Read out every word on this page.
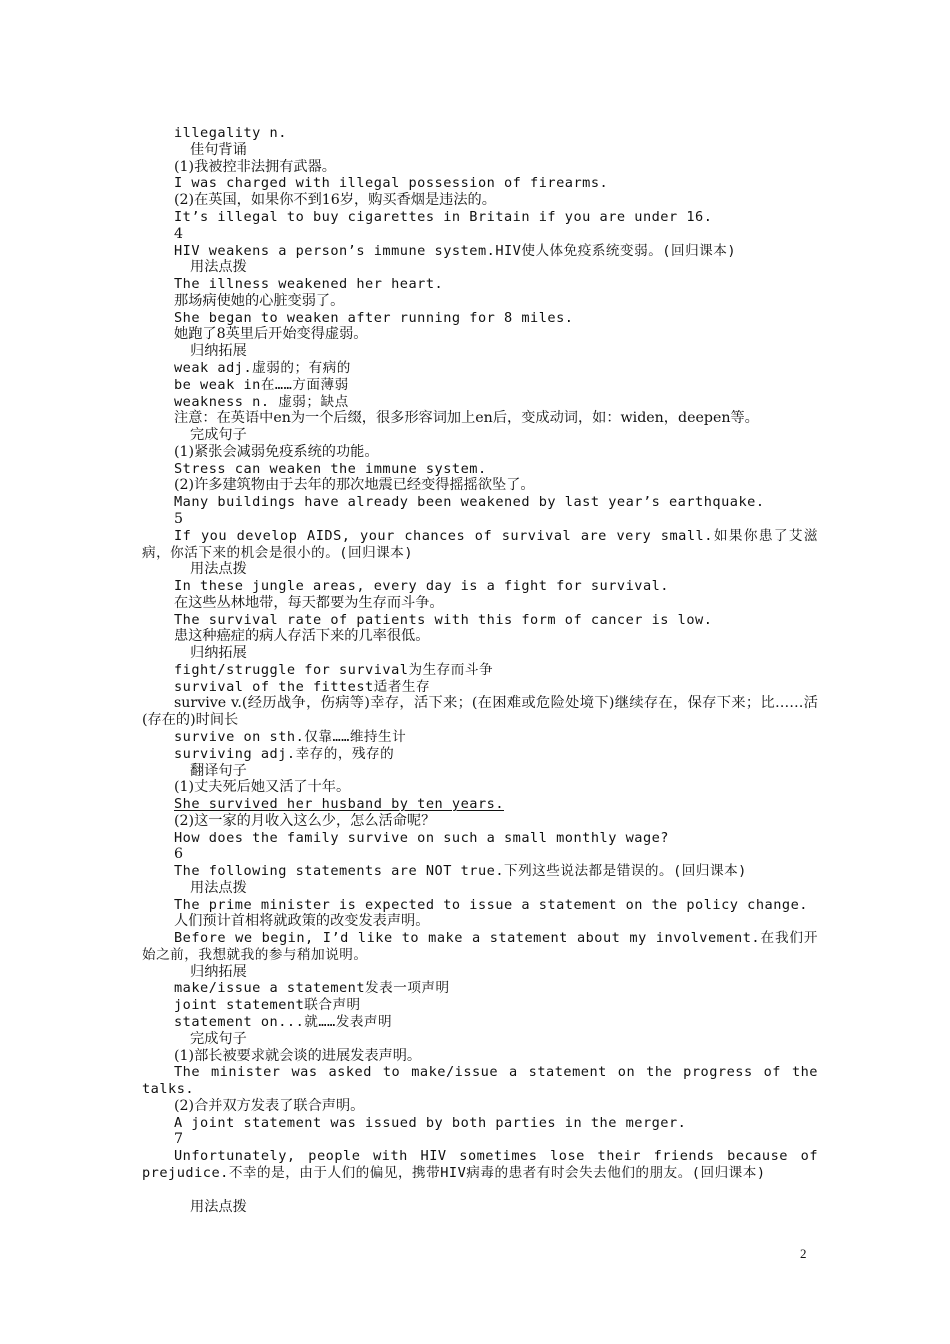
illegality n.
佳句背诵
(1)我被控非法拥有武器。
I was charged with illegal possession of firearms.
(2)在英国，如果你不到16岁，购买香烟是违法的。
It’s illegal to buy cigarettes in Britain if you are under 16.
4
HIV weakens a person’s immune system.HIV使人体免疫系统变弱。(回归课本)
用法点拨
The illness weakened her heart.
那场病使她的心脏变弱了。
She began to weaken after running for 8 miles.
她跑了8英里后开始变得虚弱。
归纳拓展
weak adj.虚弱的；有病的
be weak in在……方面薄弱
weakness n. 虚弱；缺点
注意：在英语中en为一个后缀，很多形容词加上en后，变成动词，如：widen，deepen等。
完成句子
(1)紧张会减弱免疫系统的功能。
Stress can weaken the immune system.
(2)许多建筑物由于去年的那次地震已经变得摇摇欲坠了。
Many buildings have already been weakened by last year’s earthquake.
5
If you develop AIDS, your chances of survival are very small.如果你患了艾滋病，你活下来的机会是很小的。(回归课本)
用法点拨
In these jungle areas, every day is a fight for survival.
在这些丛林地带，每天都要为生存而斗争。
The survival rate of patients with this form of cancer is low.
患这种癌症的病人存活下来的几率很低。
归纳拓展
fight/struggle for survival为生存而斗争
survival of the fittest适者生存
survive v.(经历战争，伤病等)幸存，活下来；(在困难或危险处境下)继续存在，保存下来；比……活(存在的)时间长
survive on sth.仅靠……维持生计
surviving adj.幸存的，残存的
翻译句子
(1)丈夫死后她又活了十年。
She survived her husband by ten years.
(2)这一家的月收入这么少，怎么活命呢？
How does the family survive on such a small monthly wage?
6
The following statements are NOT true.下列这些说法都是错误的。(回归课本)
用法点拨
The prime minister is expected to issue a statement on the policy change.
人们预计首相将就政策的改变发表声明。
Before we begin, I’d like to make a statement about my involvement.在我们开始之前，我想就我的参与稍加说明。
归纳拓展
make/issue a statement发表一项声明
joint statement联合声明
statement on...就……发表声明
完成句子
(1)部长被要求就会谈的进展发表声明。
The minister was asked to make/issue a statement on the progress of the talks.
(2)合并双方发表了联合声明。
A joint statement was issued by both parties in the merger.
7
Unfortunately, people with HIV sometimes lose their friends because of prejudice.不幸的是，由于人们的偏见，携带HIV病毒的患者有时会失去他们的朋友。(回归课本)
用法点拨
2
